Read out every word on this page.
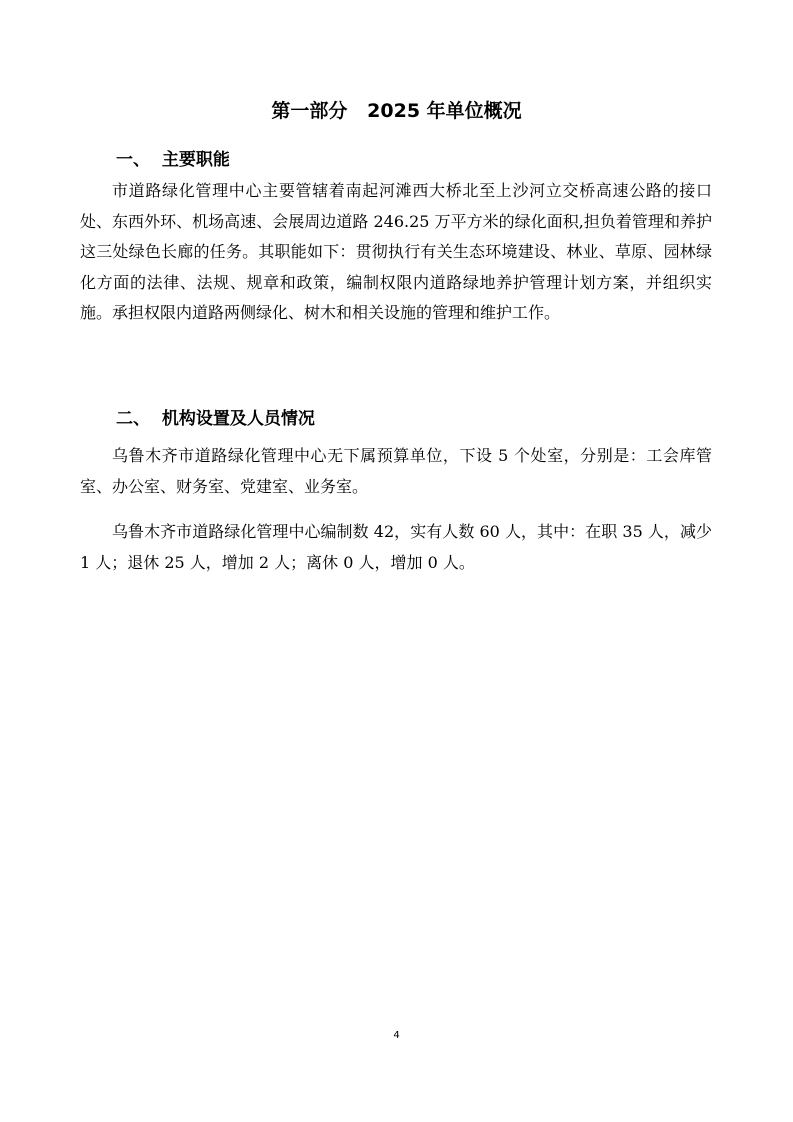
第一部分   2025 年单位概况
一、  主要职能

市道路绿化管理中心主要管辖着南起河滩西大桥北至上沙河立交桥高速公路的接口处、东西外环、机场高速、会展周边道路 246.25 万平方米的绿化面积,担负着管理和养护这三处绿色长廊的任务。其职能如下：贯彻执行有关生态环境建设、林业、草原、园林绿化方面的法律、法规、规章和政策，编制权限内道路绿地养护管理计划方案，并组织实施。承担权限内道路两侧绿化、树木和相关设施的管理和维护工作。

二、  机构设置及人员情况

乌鲁木齐市道路绿化管理中心无下属预算单位，下设 5 个处室，分别是：工会库管室、办公室、财务室、党建室、业务室。

乌鲁木齐市道路绿化管理中心编制数 42，实有人数 60 人，其中：在职 35 人，减少 1 人；退休 25 人，增加 2 人；离休 0 人，增加 0 人。

4
